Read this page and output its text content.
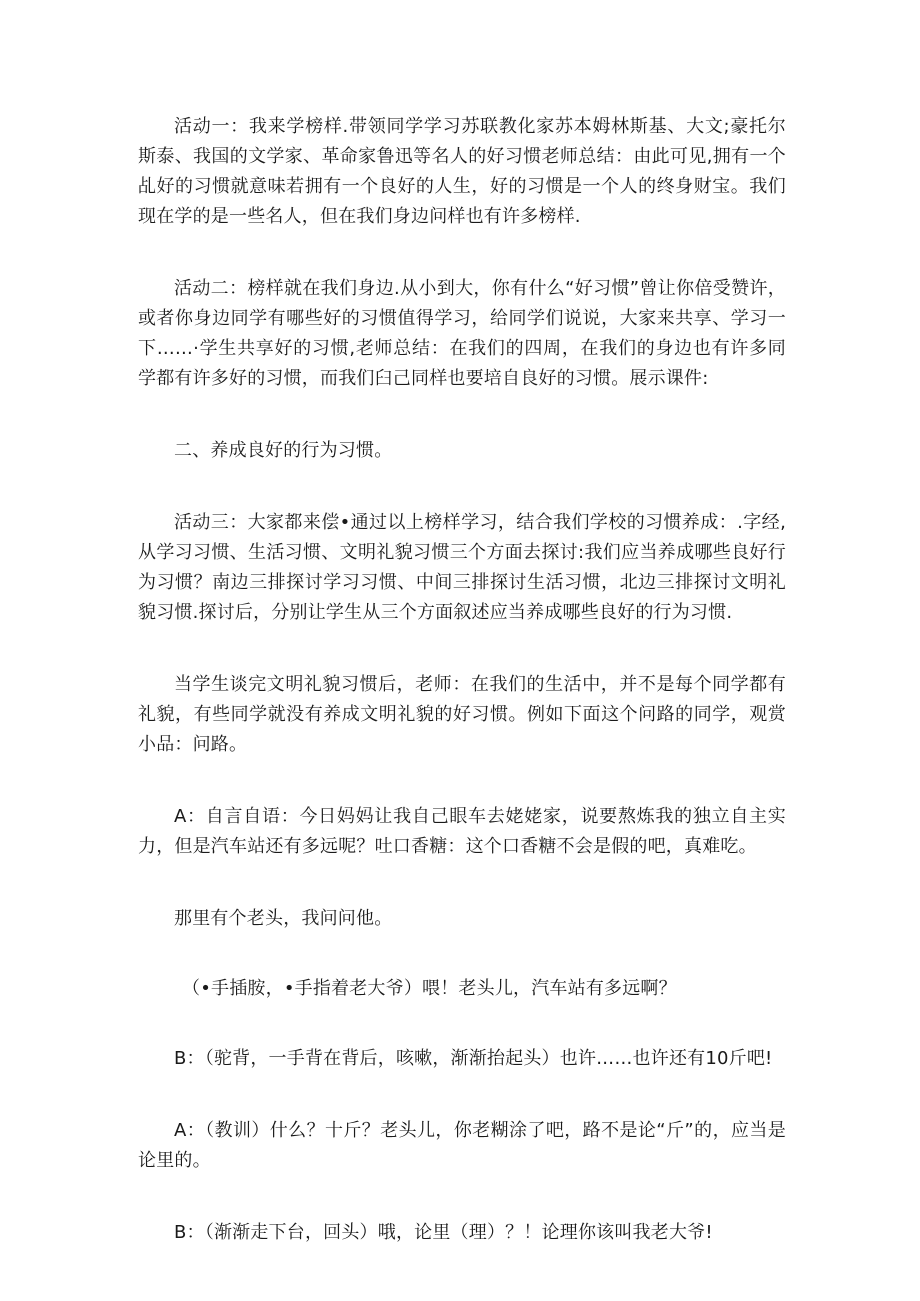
活动一：我来学榜样.带领同学学习苏联教化家苏本姆林斯基、大文;豪托尔斯泰、我国的文学家、革命家鲁迅等名人的好习惯老师总结：由此可见,拥有一个乩好的习惯就意味若拥有一个良好的人生，好的习惯是一个人的终身财宝。我们现在学的是一些名人，但在我们身边问样也有许多榜样.

活动二：榜样就在我们身边.从小到大，你有什么“好习惯”曾让你倍受赞许，或者你身边同学有哪些好的习惯值得学习，给同学们说说，大家来共享、学习一下……·学生共享好的习惯,老师总结：在我们的四周，在我们的身边也有许多同学都有许多好的习惯，而我们臼己同样也要培自良好的习惯。展示课件:

二、养成良好的行为习惯。

活动三：大家都来偿•通过以上榜样学习，结合我们学校的习惯养成：.字经,从学习习惯、生活习惯、文明礼貌习惯三个方面去探讨:我们应当养成哪些良好行为习惯？南边三排探讨学习习惯、中间三排探讨生活习惯，北边三排探讨文明礼貌习惯.探讨后，分别让学生从三个方面叙述应当养成哪些良好的行为习惯.

当学生谈完文明礼貌习惯后，老师：在我们的生活中，并不是每个同学都有礼貌，有些同学就没有养成文明礼貌的好习惯。例如下面这个问路的同学，观赏小品：问路。

A：自言自语：今日妈妈让我自己眼车去姥姥家，说要熬炼我的独立自主实力，但是汽车站还有多远呢？吐口香糖：这个口香糖不会是假的吧，真难吃。

那里有个老头，我问问他。

（•手插胺，•手指着老大爷）喂！老头儿，汽车站有多远啊？

B：（驼背，一手背在背后，咳嗽，渐渐抬起头）也许……也许还有10斤吧!

A：（教训）什么？十斤？老头儿，你老糊涂了吧，路不是论“斤”的，应当是论里的。

B：（渐渐走下台，回头）哦，论里（理）？！论理你该叫我老大爷!
